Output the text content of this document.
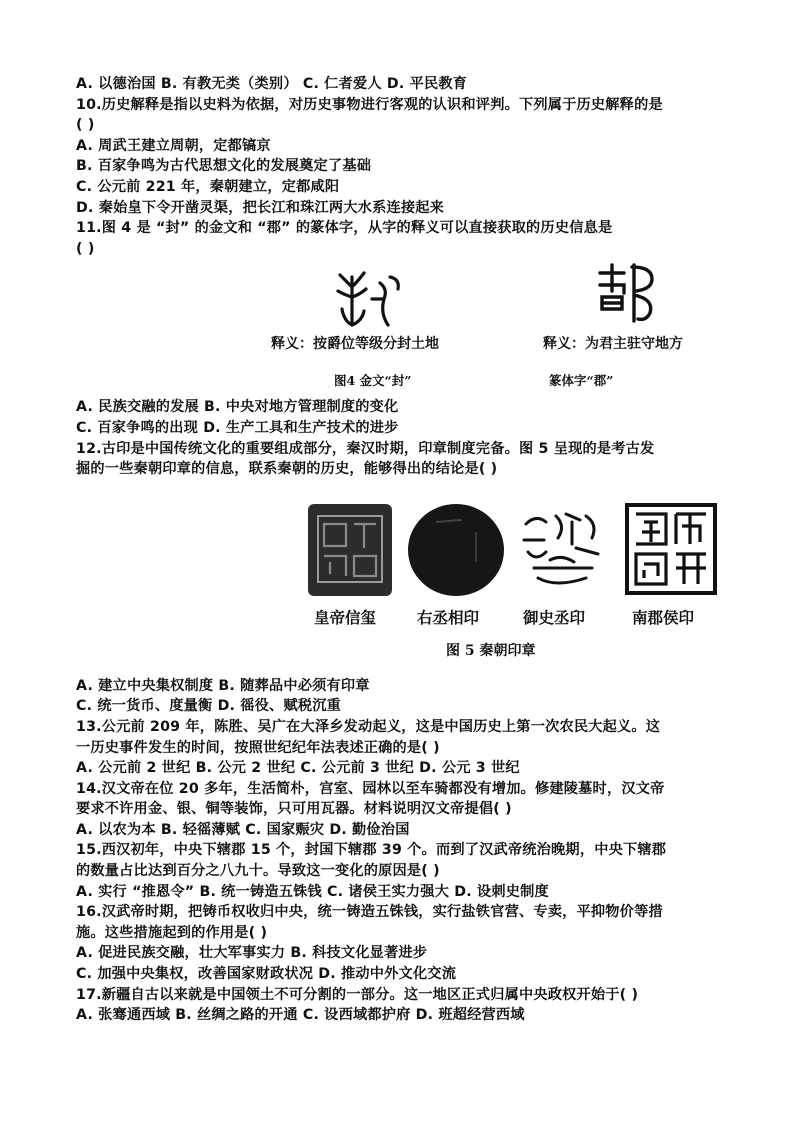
A. 以德治国 B. 有教无类（类别） C. 仁者爱人 D. 平民教育
10.历史解释是指以史料为依据，对历史事物进行客观的认识和评判。下列属于历史解释的是
( )
A. 周武王建立周朝，定都镐京
B. 百家争鸣为古代思想文化的发展奠定了基础
C. 公元前 221 年，秦朝建立，定都咸阳
D. 秦始皇下令开凿灵渠，把长江和珠江两大水系连接起来
11.图 4 是 “封” 的金文和 “郡” 的篆体字，从字的释义可以直接获取的历史信息是
( )
释义：按爵位等级分封土地	释义：为君主驻守地方
图4 金文“封”	篆体字“郡”
A. 民族交融的发展 B. 中央对地方管理制度的变化
C. 百家争鸣的出现 D. 生产工具和生产技术的进步
12.古印是中国传统文化的重要组成部分，秦汉时期，印章制度完备。图 5 呈现的是考古发
掘的一些秦朝印章的信息，联系秦朝的历史，能够得出的结论是( )
皇帝信玺	右丞相印	御史丞印	南郡侯印
图 5 秦朝印章
A. 建立中央集权制度 B. 随葬品中必须有印章
C. 统一货币、度量衡 D. 徭役、赋税沉重
13.公元前 209 年，陈胜、吴广在大泽乡发动起义，这是中国历史上第一次农民大起义。这
一历史事件发生的时间，按照世纪纪年法表述正确的是( )
A. 公元前 2 世纪 B. 公元 2 世纪 C. 公元前 3 世纪 D. 公元 3 世纪
14.汉文帝在位 20 多年，生活简朴，宫室、园林以至车骑都没有增加。修建陵墓时，汉文帝
要求不许用金、银、铜等装饰，只可用瓦器。材料说明汉文帝提倡( )
A. 以农为本 B. 轻徭薄赋 C. 国家赈灾 D. 勤俭治国
15.西汉初年，中央下辖郡 15 个，封国下辖郡 39 个。而到了汉武帝统治晚期，中央下辖郡
的数量占比达到百分之八九十。导致这一变化的原因是( )
A. 实行 “推恩令” B. 统一铸造五铢钱 C. 诸侯王实力强大 D. 设刺史制度
16.汉武帝时期，把铸币权收归中央，统一铸造五铢钱，实行盐铁官营、专卖，平抑物价等措
施。这些措施起到的作用是( )
A. 促进民族交融，壮大军事实力 B. 科技文化显著进步
C. 加强中央集权，改善国家财政状况 D. 推动中外文化交流
17.新疆自古以来就是中国领土不可分割的一部分。这一地区正式归属中央政权开始于( )
A. 张骞通西域 B. 丝绸之路的开通 C. 设西域都护府 D. 班超经营西域
